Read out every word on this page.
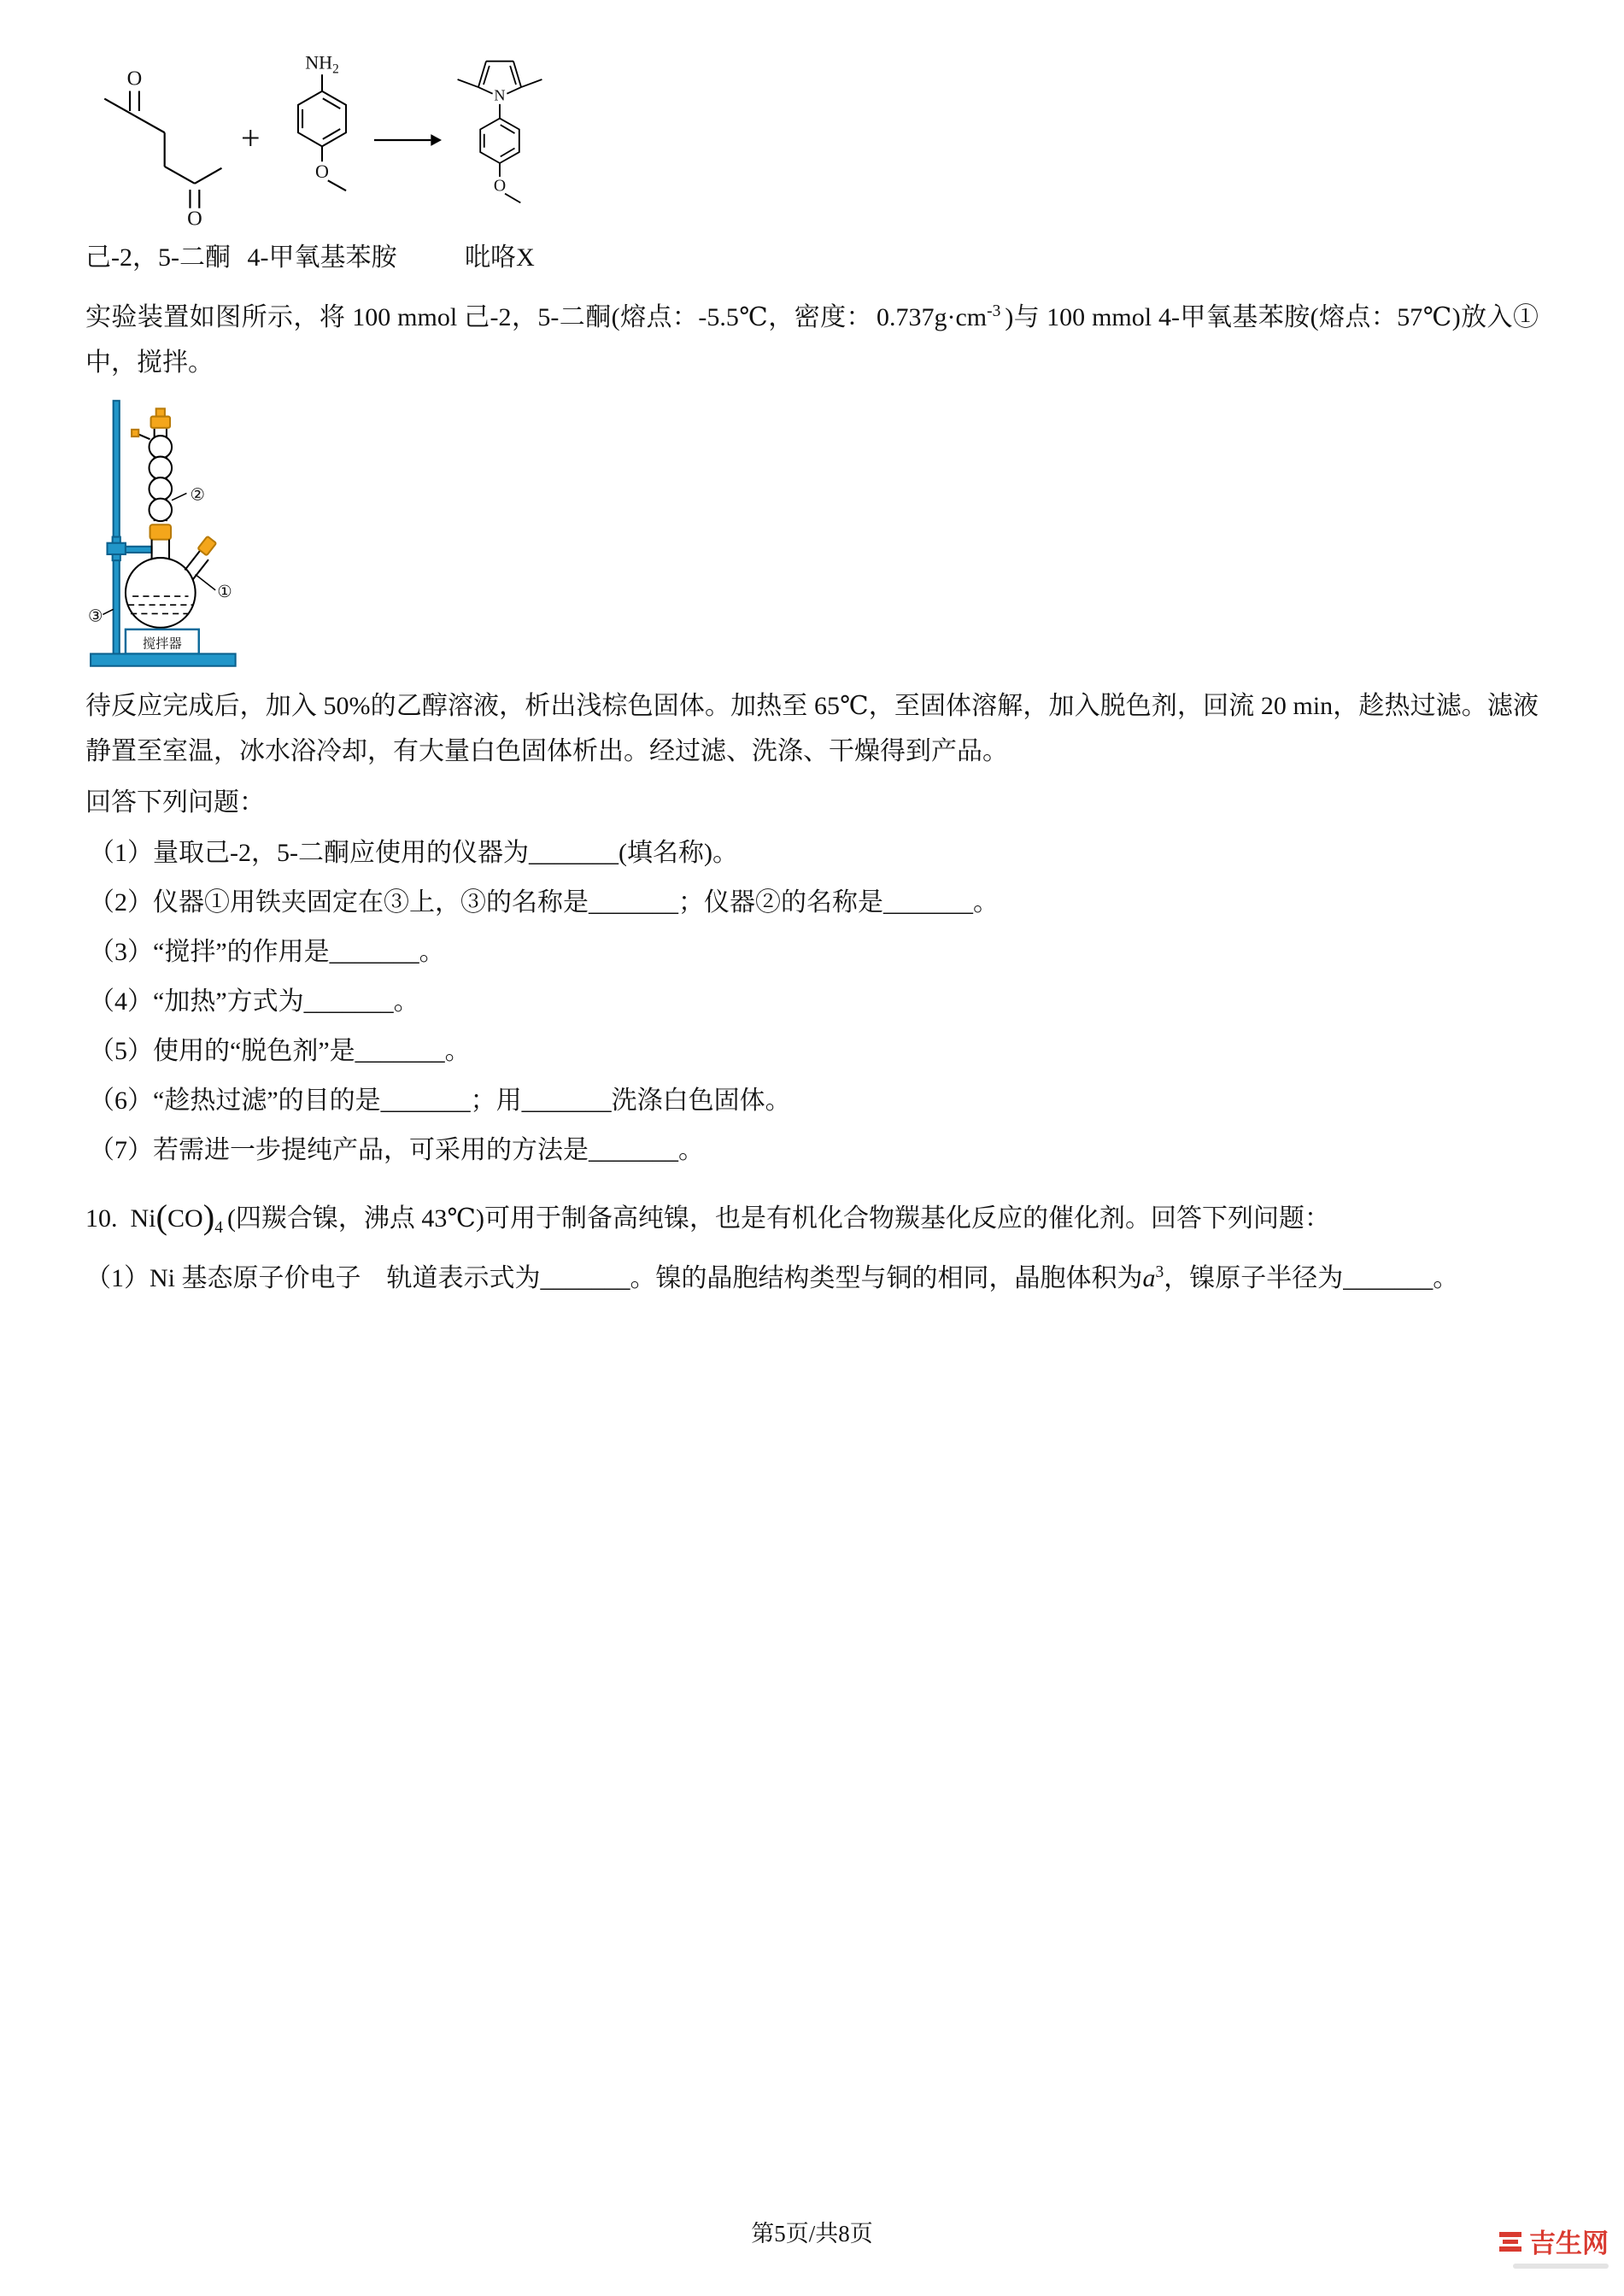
O
O
+
$NH_2$
O
N
O
己-2，5-二酮 4-甲氧基苯胺	吡咯X

实验装置如图所示，将 100 mmol 己-2，5-二酮(熔点：-5.5℃，密度： $0.737g\cdot cm^{-3}$ )与 100 mmol 4-甲氧基苯胺(熔点：57℃)放入①中，搅拌。

搅拌器
②
①
③

待反应完成后，加入 50%的乙醇溶液，析出浅棕色固体。加热至 65℃，至固体溶解，加入脱色剂，回流 20 min，趁热过滤。滤液静置至室温，冰水浴冷却，有大量白色固体析出。经过滤、洗涤、干燥得到产品。

回答下列问题：
（1）量取己-2，5-二酮应使用的仪器为_______(填名称)。
（2）仪器①用铁夹固定在③上，③的名称是_______；仪器②的名称是_______。
（3）“搅拌”的作用是_______。
（4）“加热”方式为_______。
（5）使用的“脱色剂”是_______。
（6）“趁热过滤”的目的是_______；用_______洗涤白色固体。
（7）若需进一步提纯产品，可采用的方法是_______。

10. $Ni(CO)_4$ (四羰合镍，沸点 43℃)可用于制备高纯镍，也是有机化合物羰基化反应的催化剂。回答下列问题：

（1）Ni 基态原子价电子　轨道表示式为_______。镍的晶胞结构类型与铜的相同，晶胞体积为$a^3$，镍原子半径为_______。

第5页/共8页	吉生网
